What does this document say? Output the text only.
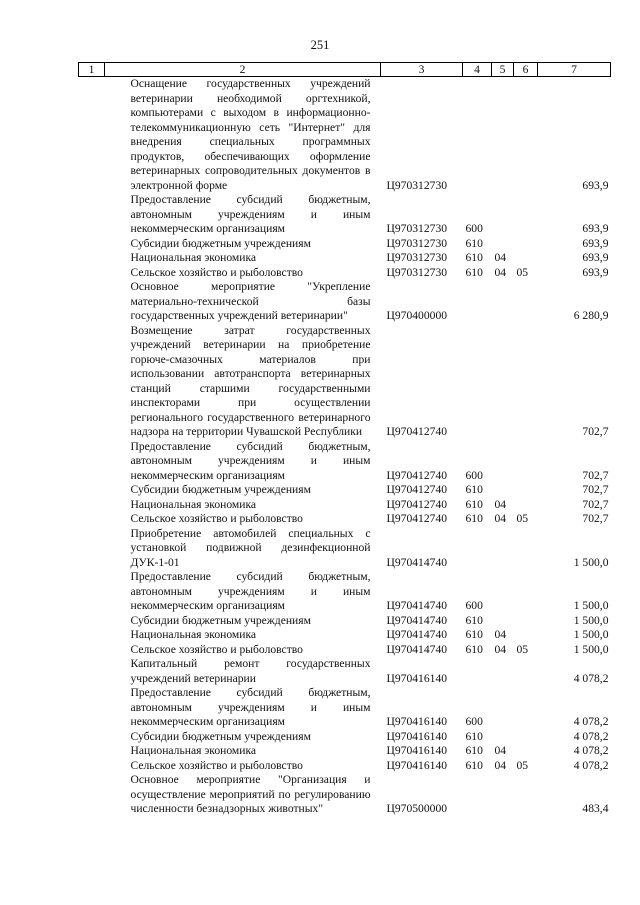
251
1	2	3	4	5	6	7
	Оснащение государственных учреждений ветеринарии необходимой оргтехникой, компьютерами с выходом в информационно-телекоммуникационную сеть "Интернет" для внедрения специальных программных продуктов, обеспечивающих оформление ветеринарных сопроводительных документов в электронной форме	Ц970312730				693,9
	Предоставление субсидий бюджетным, автономным учреждениям и иным некоммерческим организациям	Ц970312730	600			693,9
	Субсидии бюджетным учреждениям	Ц970312730	610			693,9
	Национальная экономика	Ц970312730	610	04		693,9
	Сельское хозяйство и рыболовство	Ц970312730	610	04	05	693,9
	Основное мероприятие "Укрепление материально-технической базы государственных учреждений ветеринарии"	Ц970400000				6 280,9
	Возмещение затрат государственных учреждений ветеринарии на приобретение горюче-смазочных материалов при использовании автотранспорта ветеринарных станций старшими государственными инспекторами при осуществлении регионального государственного ветеринарного надзора на территории Чувашской Республики	Ц970412740				702,7
	Предоставление субсидий бюджетным, автономным учреждениям и иным некоммерческим организациям	Ц970412740	600			702,7
	Субсидии бюджетным учреждениям	Ц970412740	610			702,7
	Национальная экономика	Ц970412740	610	04		702,7
	Сельское хозяйство и рыболовство	Ц970412740	610	04	05	702,7
	Приобретение автомобилей специальных с установкой подвижной дезинфекционной ДУК-1-01	Ц970414740				1 500,0
	Предоставление субсидий бюджетным, автономным учреждениям и иным некоммерческим организациям	Ц970414740	600			1 500,0
	Субсидии бюджетным учреждениям	Ц970414740	610			1 500,0
	Национальная экономика	Ц970414740	610	04		1 500,0
	Сельское хозяйство и рыболовство	Ц970414740	610	04	05	1 500,0
	Капитальный ремонт государственных учреждений ветеринарии	Ц970416140				4 078,2
	Предоставление субсидий бюджетным, автономным учреждениям и иным некоммерческим организациям	Ц970416140	600			4 078,2
	Субсидии бюджетным учреждениям	Ц970416140	610			4 078,2
	Национальная экономика	Ц970416140	610	04		4 078,2
	Сельское хозяйство и рыболовство	Ц970416140	610	04	05	4 078,2
	Основное мероприятие "Организация и осуществление мероприятий по регулированию численности безнадзорных животных"	Ц970500000				483,4
